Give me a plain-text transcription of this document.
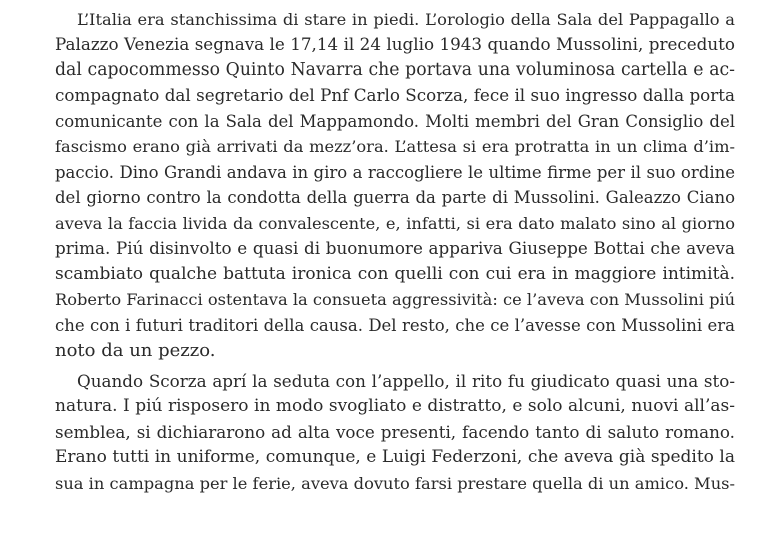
L’Italia era stanchissima di stare in piedi. L’orologio della Sala del Pappagallo a
Palazzo Venezia segnava le 17,14 il 24 luglio 1943 quando Mussolini, preceduto
dal capocommesso Quinto Navarra che portava una voluminosa cartella e ac-
compagnato dal segretario del Pnf Carlo Scorza, fece il suo ingresso dalla porta
comunicante con la Sala del Mappamondo. Molti membri del Gran Consiglio del
fascismo erano già arrivati da mezz’ora. L’attesa si era protratta in un clima d’im-
paccio. Dino Grandi andava in giro a raccogliere le ultime firme per il suo ordine
del giorno contro la condotta della guerra da parte di Mussolini. Galeazzo Ciano
aveva la faccia livida da convalescente, e, infatti, si era dato malato sino al giorno
prima. Piú disinvolto e quasi di buonumore appariva Giuseppe Bottai che aveva
scambiato qualche battuta ironica con quelli con cui era in maggiore intimità.
Roberto Farinacci ostentava la consueta aggressività: ce l’aveva con Mussolini piú
che con i futuri traditori della causa. Del resto, che ce l’avesse con Mussolini era
noto da un pezzo.
Quando Scorza aprí la seduta con l’appello, il rito fu giudicato quasi una sto-
natura. I piú risposero in modo svogliato e distratto, e solo alcuni, nuovi all’as-
semblea, si dichiararono ad alta voce presenti, facendo tanto di saluto romano.
Erano tutti in uniforme, comunque, e Luigi Federzoni, che aveva già spedito la
sua in campagna per le ferie, aveva dovuto farsi prestare quella di un amico. Mus-
